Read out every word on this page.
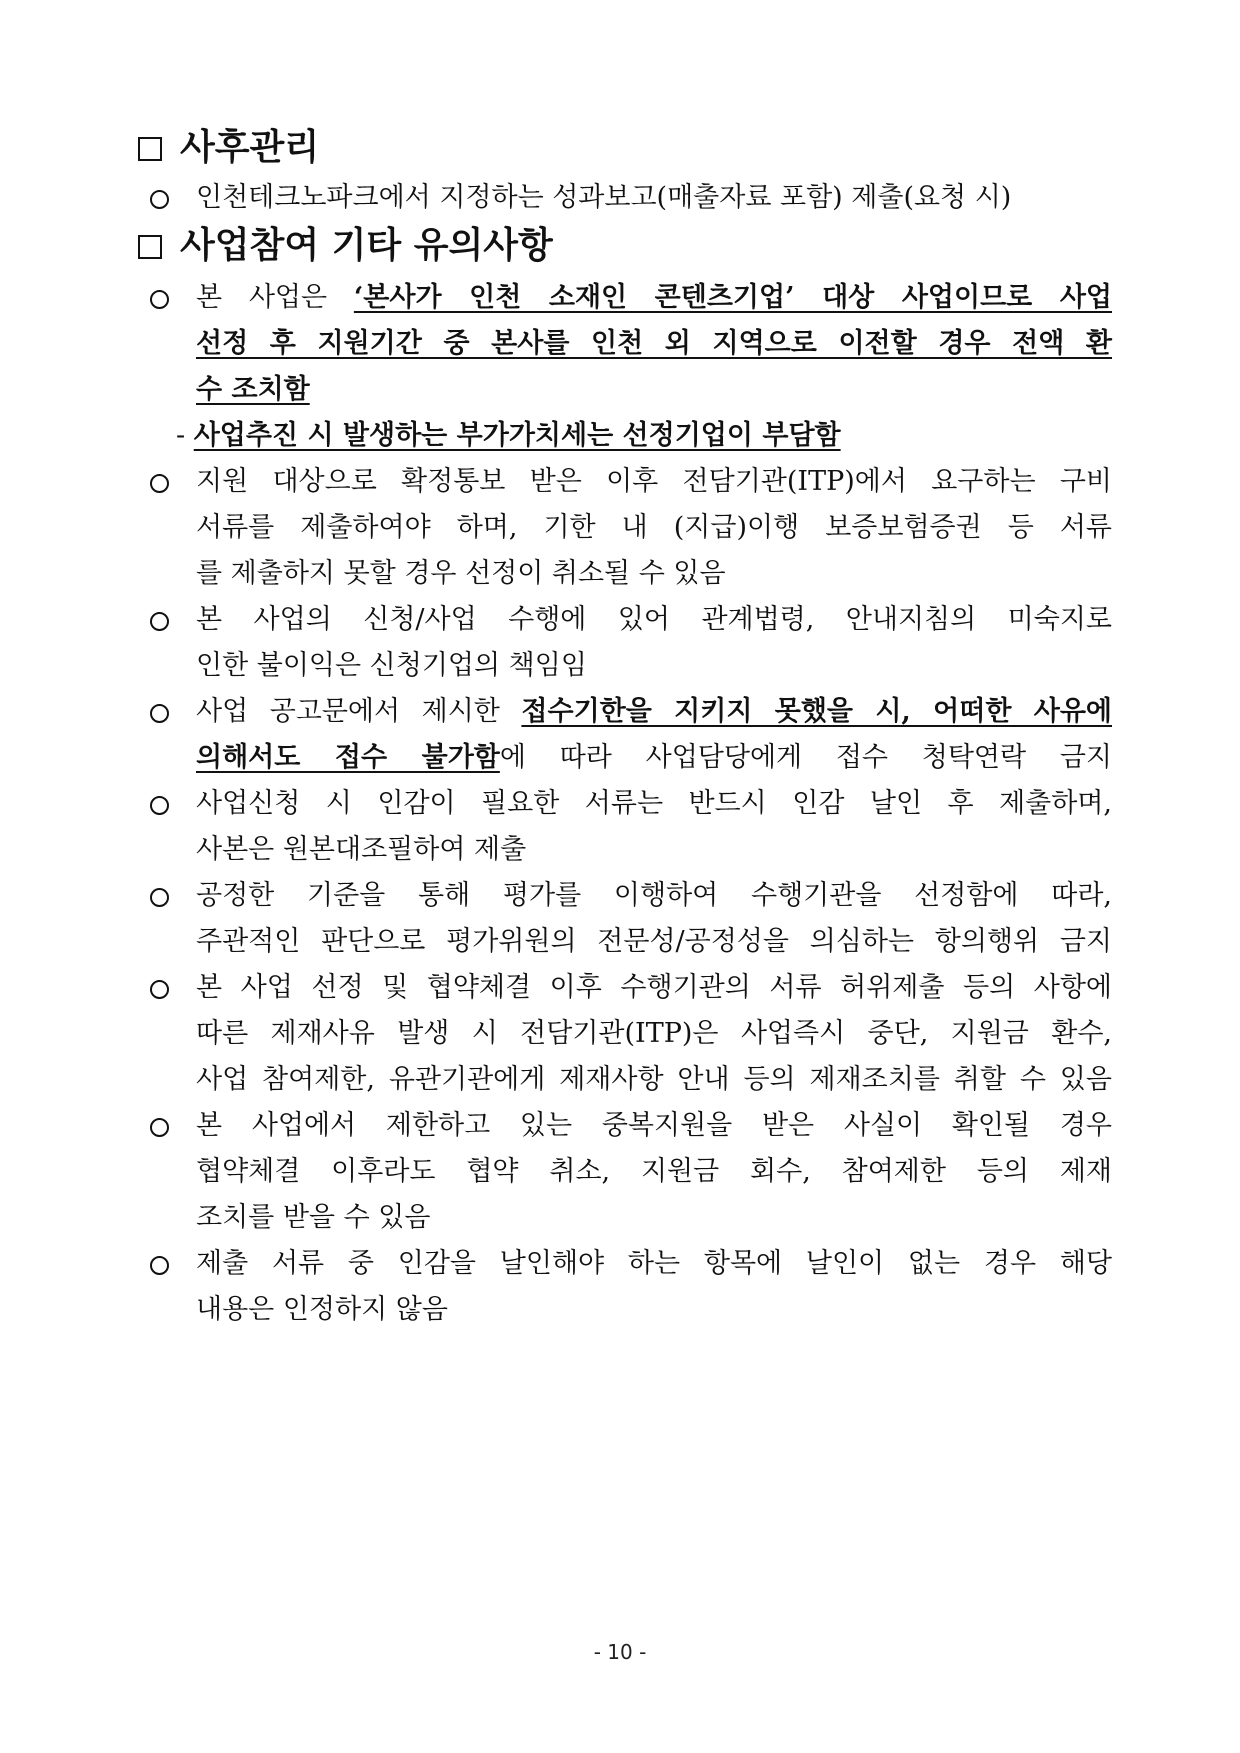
사후관리
인천테크노파크에서 지정하는 성과보고(매출자료 포함) 제출(요청 시)
사업참여 기타 유의사항
본 사업은 ‘본사가 인천 소재인 콘텐츠기업’ 대상 사업이므로 사업
선정 후 지원기간 중 본사를 인천 외 지역으로 이전할 경우 전액 환
수 조치함
- 사업추진 시 발생하는 부가가치세는 선정기업이 부담함
지원 대상으로 확정통보 받은 이후 전담기관(ITP)에서 요구하는 구비
서류를 제출하여야 하며, 기한 내 (지급)이행 보증보험증권 등 서류
를 제출하지 못할 경우 선정이 취소될 수 있음
본 사업의 신청/사업 수행에 있어 관계법령, 안내지침의 미숙지로
인한 불이익은 신청기업의 책임임
사업 공고문에서 제시한 접수기한을 지키지 못했을 시, 어떠한 사유에
의해서도 접수 불가함에 따라 사업담당에게 접수 청탁연락 금지
사업신청 시 인감이 필요한 서류는 반드시 인감 날인 후 제출하며,
사본은 원본대조필하여 제출
공정한 기준을 통해 평가를 이행하여 수행기관을 선정함에 따라,
주관적인 판단으로 평가위원의 전문성/공정성을 의심하는 항의행위 금지
본 사업 선정 및 협약체결 이후 수행기관의 서류 허위제출 등의 사항에
따른 제재사유 발생 시 전담기관(ITP)은 사업즉시 중단, 지원금 환수,
사업 참여제한, 유관기관에게 제재사항 안내 등의 제재조치를 취할 수 있음
본 사업에서 제한하고 있는 중복지원을 받은 사실이 확인될 경우
협약체결 이후라도 협약 취소, 지원금 회수, 참여제한 등의 제재
조치를 받을 수 있음
제출 서류 중 인감을 날인해야 하는 항목에 날인이 없는 경우 해당
내용은 인정하지 않음
- 10 -
